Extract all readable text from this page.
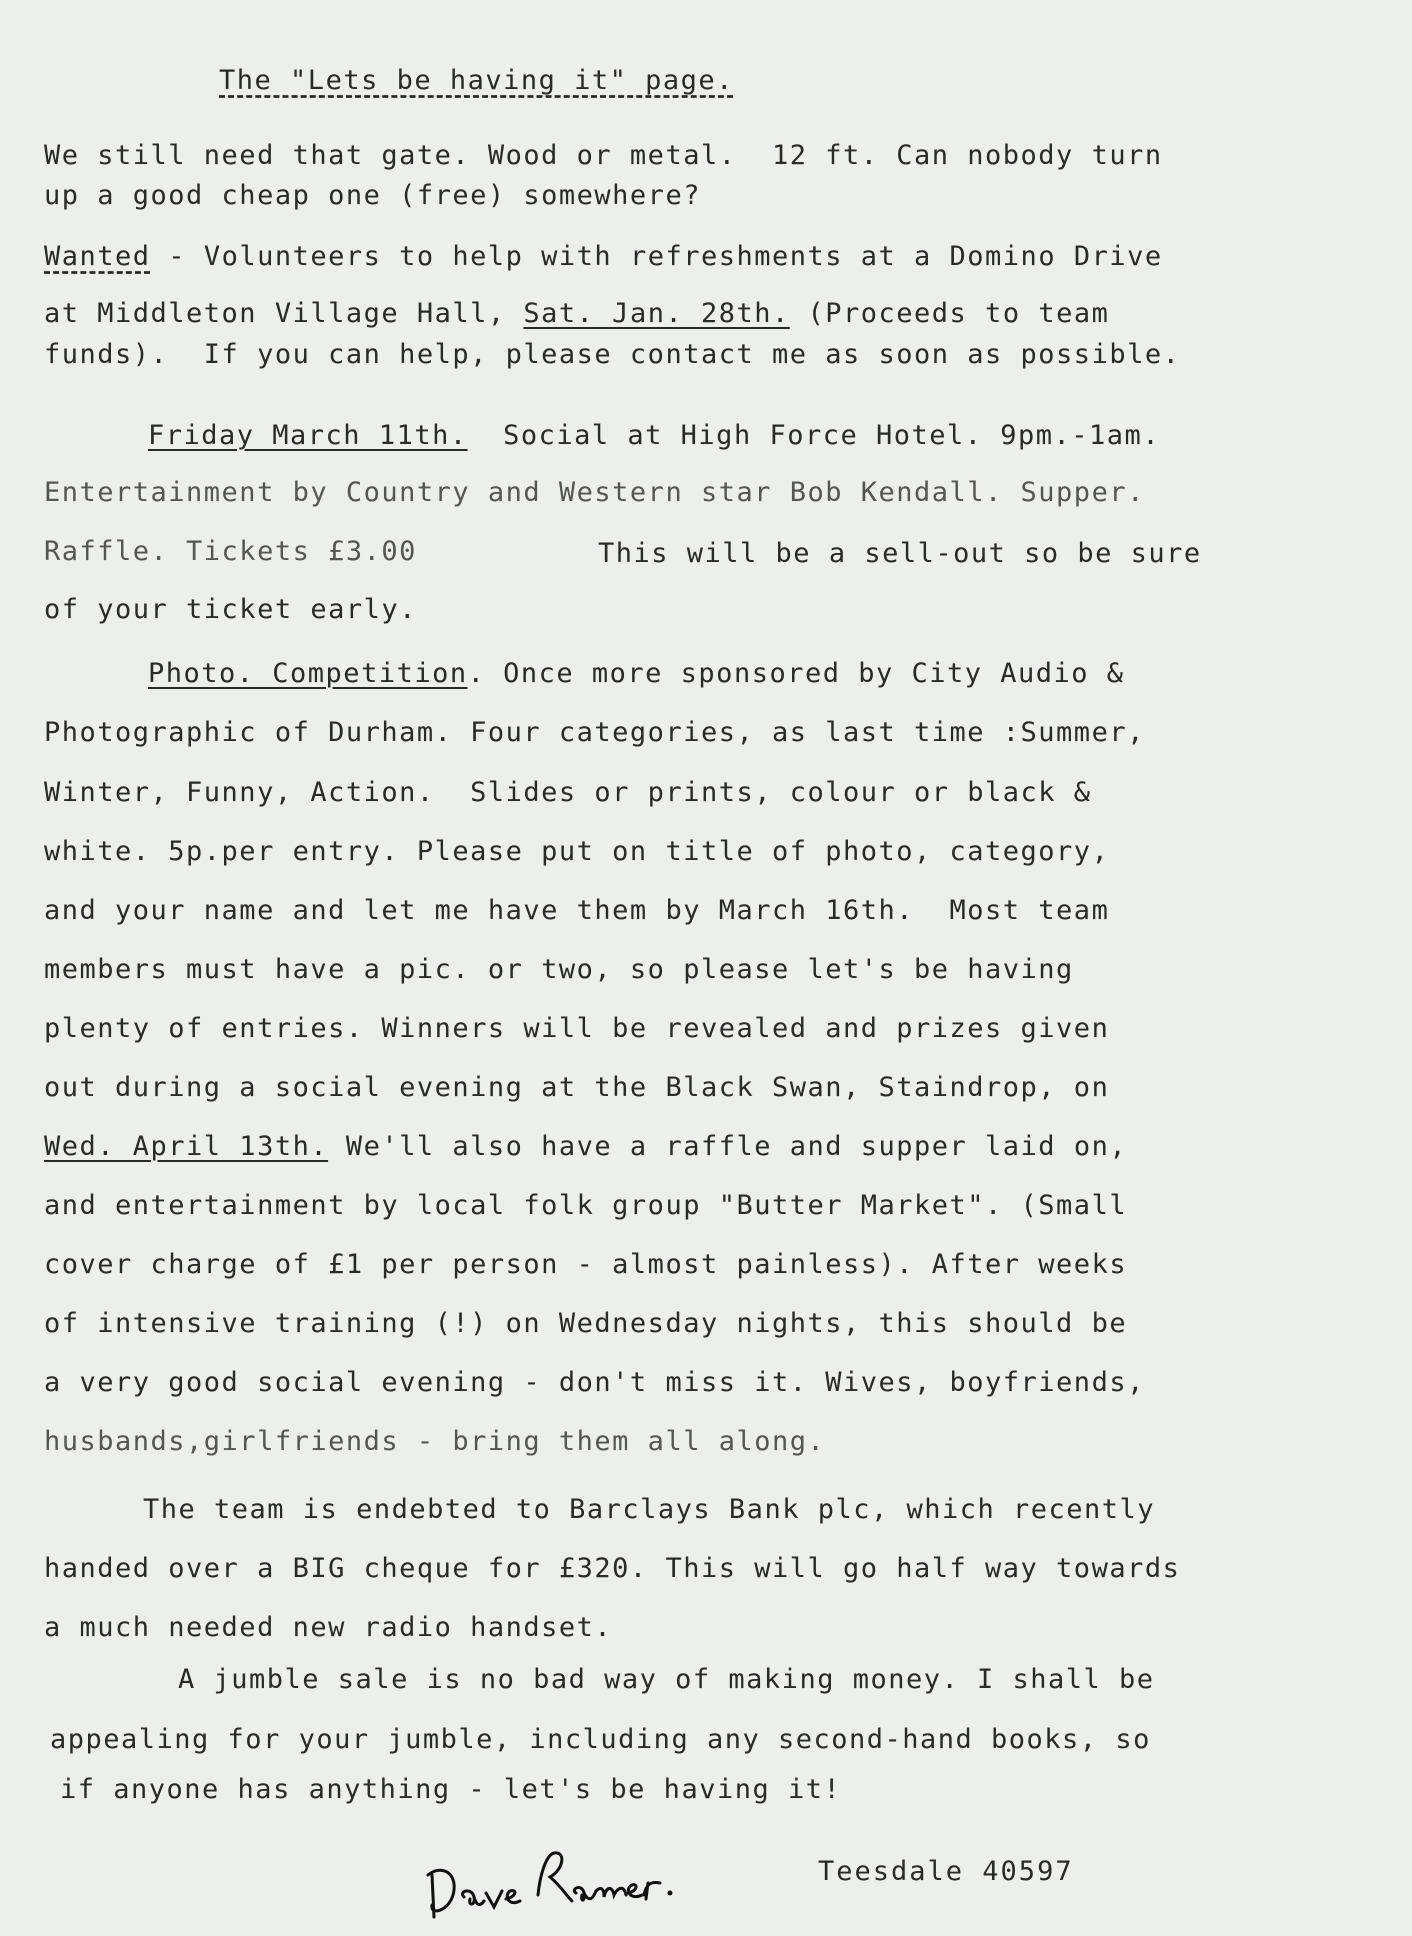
The "Lets be having it" page.

We still need that gate. Wood or metal.  12 ft. Can nobody turn
up a good cheap one (free) somewhere?
Wanted - Volunteers to help with refreshments at a Domino Drive
at Middleton Village Hall, Sat. Jan. 28th. (Proceeds to team
funds).  If you can help, please contact me as soon as possible.
Friday March 11th.  Social at High Force Hotel. 9pm.-1am.
Entertainment by Country and Western star Bob Kendall. Supper.
Raffle. Tickets £3.00	This will be a sell-out so be sure
of your ticket early.
Photo. Competition. Once more sponsored by City Audio &
Photographic of Durham. Four categories, as last time :Summer,
Winter, Funny, Action.  Slides or prints, colour or black &
white. 5p.per entry. Please put on title of photo, category,
and your name and let me have them by March 16th.  Most team
members must have a pic. or two, so please let's be having
plenty of entries. Winners will be revealed and prizes given
out during a social evening at the Black Swan, Staindrop, on
Wed. April 13th. We'll also have a raffle and supper laid on,
and entertainment by local folk group "Butter Market". (Small
cover charge of £1 per person - almost painless). After weeks
of intensive training (!) on Wednesday nights, this should be
a very good social evening - don't miss it. Wives, boyfriends,
husbands,girlfriends - bring them all along.
The team is endebted to Barclays Bank plc, which recently
handed over a BIG cheque for £320. This will go half way towards
a much needed new radio handset.
A jumble sale is no bad way of making money. I shall be
appealing for your jumble, including any second-hand books, so
if anyone has anything - let's be having it!
Teesdale 40597
